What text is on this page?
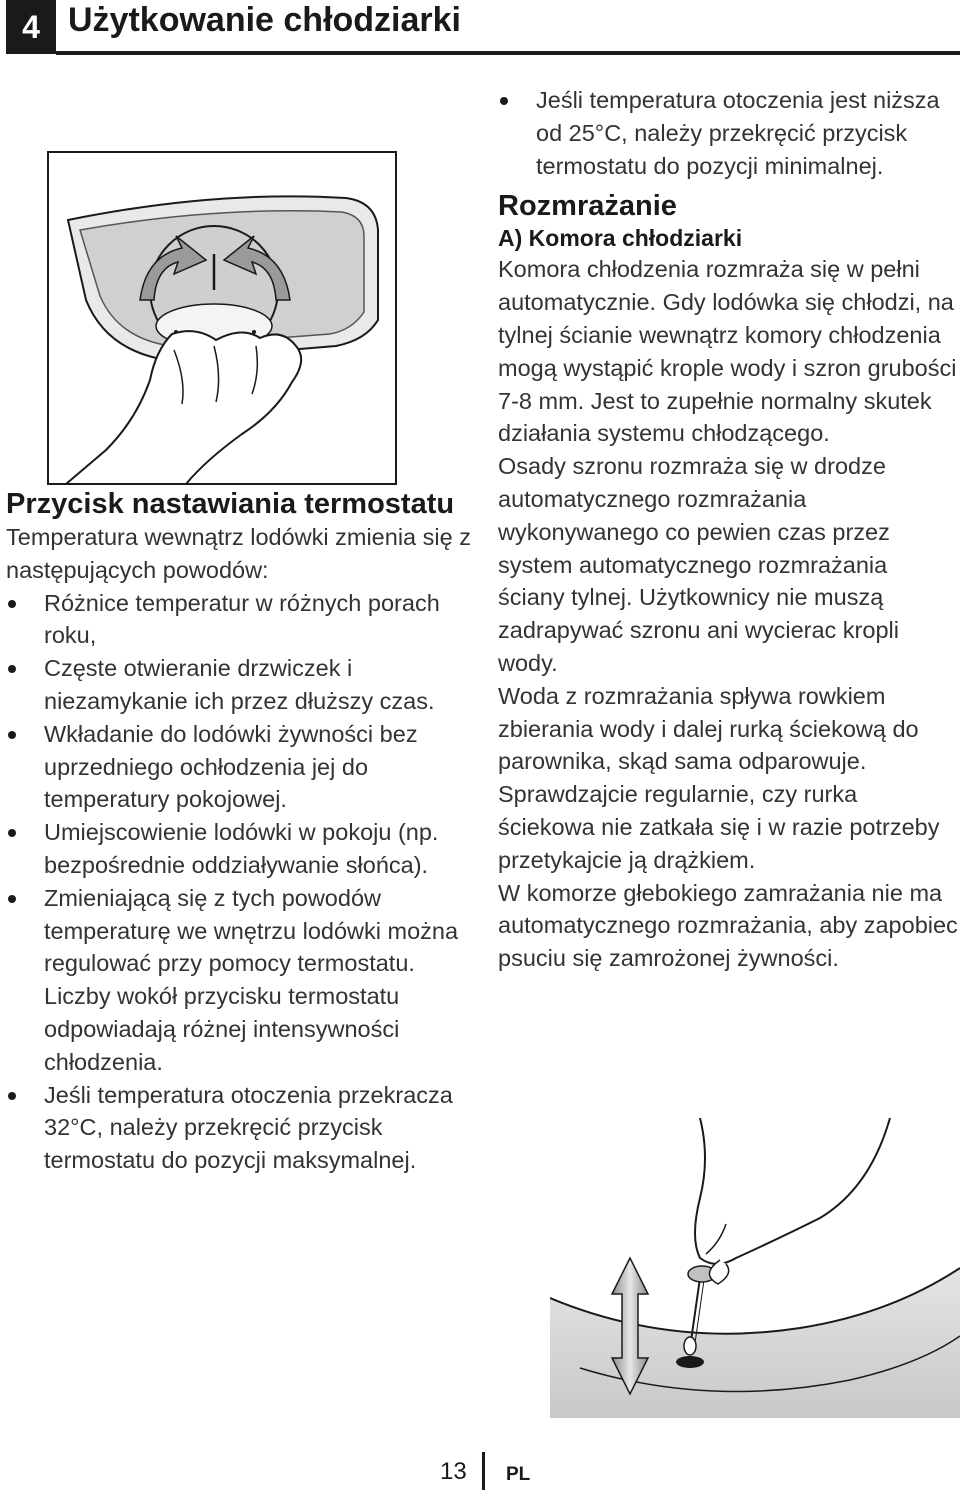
4 Użytkowanie chłodziarki
Przycisk nastawiania termostatu

Temperatura wewnątrz lodówki zmienia się z następujących powodów:

Różnice temperatur w różnych porach roku,
Częste otwieranie drzwiczek i niezamykanie ich przez dłuższy czas.
Wkładanie do lodówki żywności bez uprzedniego ochłodzenia jej do temperatury pokojowej.
Umiejscowienie lodówki w pokoju (np. bezpośrednie oddziaływanie słońca).
Zmieniającą się z tych powodów temperaturę we wnętrzu lodówki można regulować przy pomocy termostatu. Liczby wokół przycisku termostatu odpowiadają różnej intensywności chłodzenia.
Jeśli temperatura otoczenia przekracza 32°C, należy przekręcić przycisk termostatu do pozycji maksymalnej.
Jeśli temperatura otoczenia jest niższa od 25°C, należy przekręcić przycisk termostatu do pozycji minimalnej.
Rozmrażanie
A) Komora chłodziarki

Komora chłodzenia rozmraża się w pełni automatycznie. Gdy lodówka się chłodzi, na tylnej ścianie wewnątrz komory chłodzenia mogą wystąpić krople wody i szron grubości 7-8 mm. Jest to zupełnie normalny skutek działania systemu chłodzącego.

Osady szronu rozmraża się w drodze automatycznego rozmrażania wykonywanego co pewien czas przez system automatycznego rozmrażania ściany tylnej. Użytkownicy nie muszą zadrapywać szronu ani wycierac kropli wody.

Woda z rozmrażania spływa rowkiem zbierania wody i dalej rurką ściekową do parownika, skąd sama odparowuje.

Sprawdzajcie regularnie, czy rurka ściekowa nie zatkała się i w razie potrzeby przetykajcie ją drążkiem.

W komorze głebokiego zamrażania nie ma automatycznego rozmrażania, aby zapobiec psuciu się zamrożonej żywności.

13 PL
